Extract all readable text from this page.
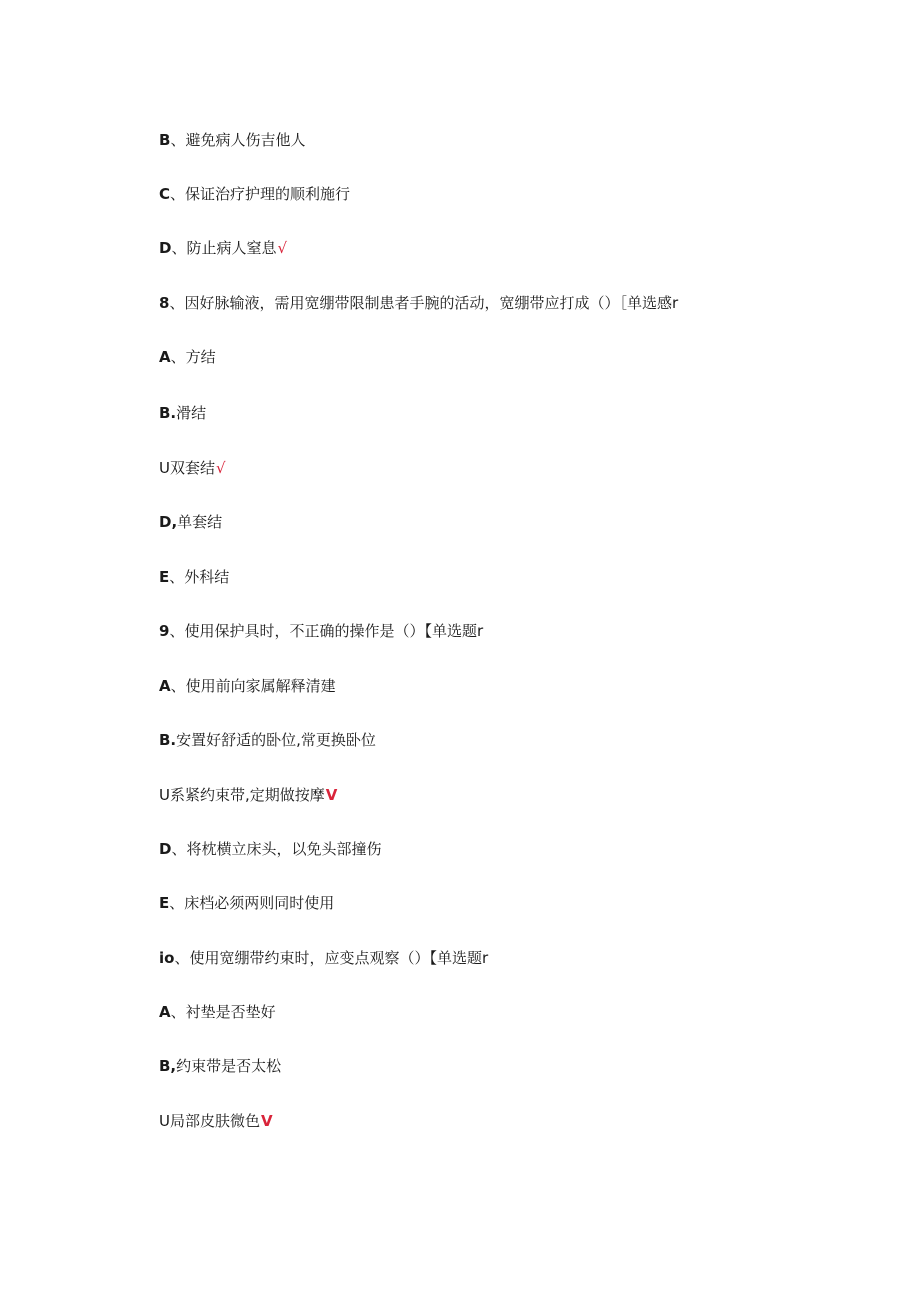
B、避免病人伤吉他人
C、保证治疗护理的顺利施行
D、防止病人窒息√
8、因好脉输液，需用宽绷带限制患者手腕的活动，宽绷带应打成（）［单选感r
A、方结
B.滑结
U双套结√
D,单套结
E、外科结
9、使用保护具时，不正确的操作是（）【单选题r
A、使用前向家属解释清建
B.安置好舒适的卧位,常更换卧位
U系紧约束带,定期做按摩V
D、将枕横立床头，以免头部撞伤
E、床档必须两则同时使用
io、使用宽绷带约束时，应变点观察（）【单选题r
A、衬垫是否垫好
B,约束带是否太松
U局部皮肤微色V
